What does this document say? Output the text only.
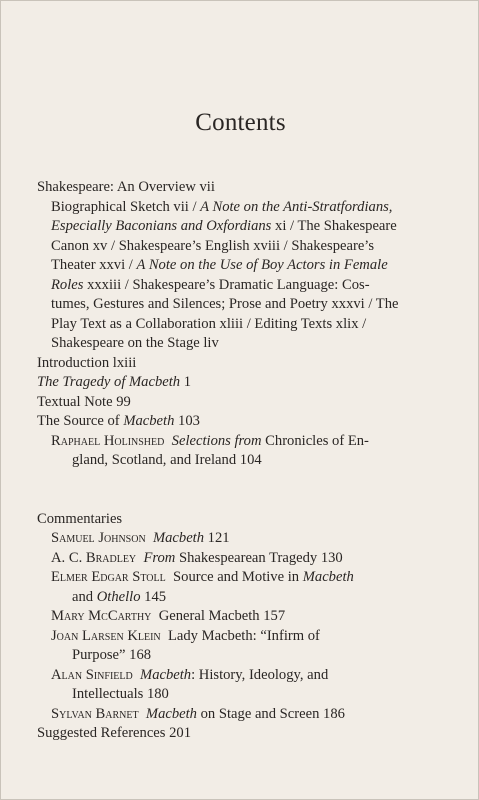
Contents
Shakespeare: An Overview vii
Biographical Sketch vii / A Note on the Anti-Stratfordians,
Especially Baconians and Oxfordians xi / The Shakespeare
Canon xv / Shakespeare’s English xviii / Shakespeare’s
Theater xxvi / A Note on the Use of Boy Actors in Female
Roles xxxiii / Shakespeare’s Dramatic Language: Cos-
tumes, Gestures and Silences; Prose and Poetry xxxvi / The
Play Text as a Collaboration xliii / Editing Texts xlix /
Shakespeare on the Stage liv
Introduction lxiii
The Tragedy of Macbeth 1
Textual Note 99
The Source of Macbeth 103
Raphael Holinshed Selections from Chronicles of En-
gland, Scotland, and Ireland 104
Commentaries
Samuel Johnson Macbeth 121
A. C. Bradley From Shakespearean Tragedy 130
Elmer Edgar Stoll Source and Motive in Macbeth
and Othello 145
Mary McCarthy General Macbeth 157
Joan Larsen Klein Lady Macbeth: “Infirm of
Purpose” 168
Alan Sinfield Macbeth: History, Ideology, and
Intellectuals 180
Sylvan Barnet Macbeth on Stage and Screen 186
Suggested References 201
